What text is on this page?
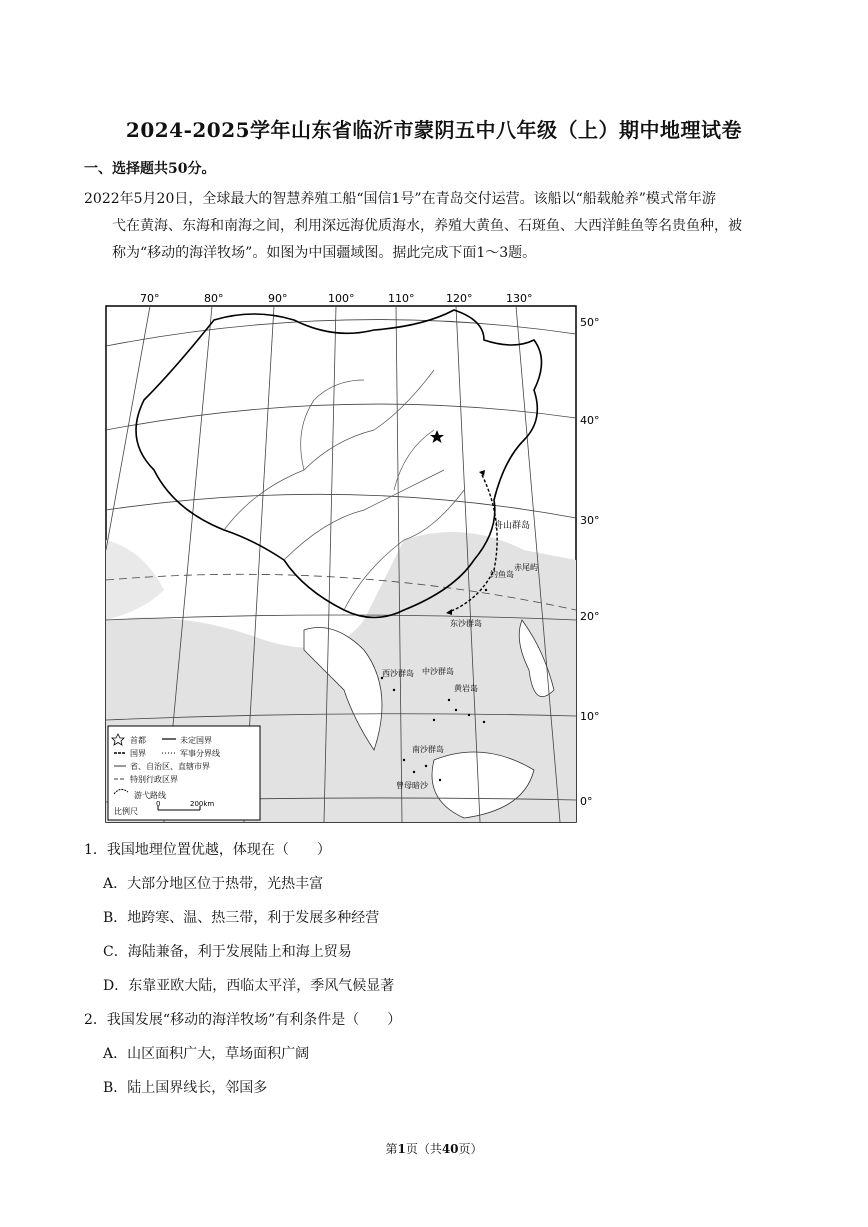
2024-2025学年山东省临沂市蒙阴五中八年级（上）期中地理试卷
一、选择题共50分。
2022年5月20日，全球最大的智慧养殖工船“国信1号”在青岛交付运营。该船以“船载舱养”模式常年游
弋在黄海、东海和南海之间，利用深远海优质海水，养殖大黄鱼、石斑鱼、大西洋鲑鱼等名贵鱼种，被
称为“移动的海洋牧场”。如图为中国疆域图。据此完成下面1～3题。
70°	80°	90°	100°	110°	120°	130°
50°
40°
30°
20°
10°
0°
舟山群岛
赤尾屿
钓鱼岛
东沙群岛
西沙群岛 中沙群岛
黄岩岛
南沙群岛
曾母暗沙
首都	未定国界
国界	军事分界线
省、自治区、直辖市界
特别行政区界
游弋路线
比例尺
0	200km
1．我国地理位置优越，体现在（　　）
A．大部分地区位于热带，光热丰富
B．地跨寒、温、热三带，利于发展多种经营
C．海陆兼备，利于发展陆上和海上贸易
D．东靠亚欧大陆，西临太平洋，季风气候显著
2．我国发展“移动的海洋牧场”有利条件是（　　）
A．山区面积广大，草场面积广阔
B．陆上国界线长，邻国多
第1页（共40页）
